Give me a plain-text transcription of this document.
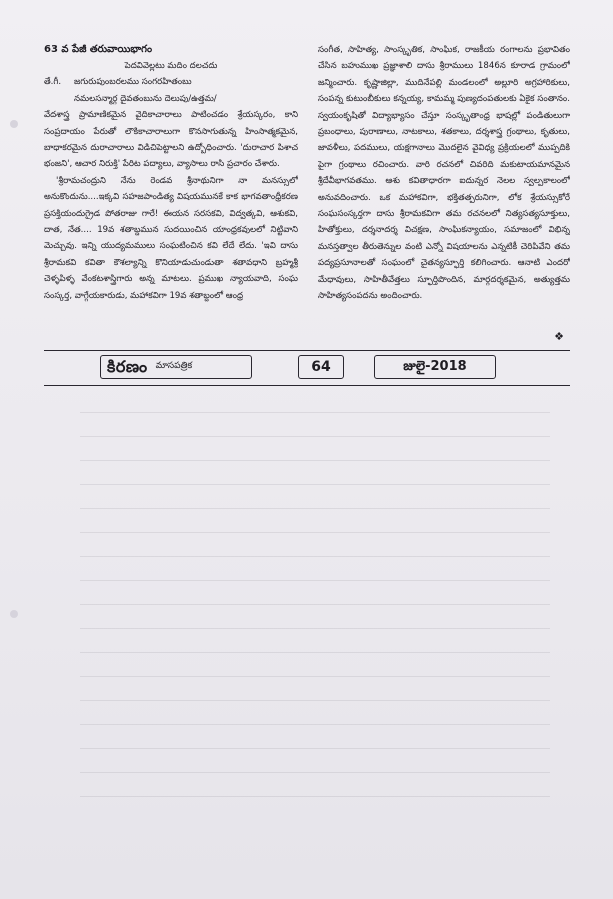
63 వ పేజీ తరువాయిభాగం

పెదవివెల్లటు మదిం దలచదు

తే.గీ.	జగురుపుంబరలము సంగరహితంబు

నమలసన్మార్గ దైవతంబును దెలుపు/ఉత్తమ/

వేదశాస్త్ర ప్రామాణికమైన వైదికాచారాలు పాటించడం శ్రేయస్కరం, కాని సంప్రదాయం పేరుతో లౌకికాచారాలుగా కొనసాగుతున్న హింసాత్మకమైన, బాధాకరమైన దురాచారాలు విడిచిపెట్టాలని ఉద్బోధించారు. 'దురాచార పిశాచ భంజని', ఆచార నిరుక్తి' పేరిట పద్యాలు, వ్యాసాలు రాసి ప్రచారం చేశారు.

'శ్రీరామచంద్రుని నేను రెండవ శ్రీనాథునిగా నా మనస్సులో అనుకొందును....ఇక్కవి సహజపాండిత్య విషయమునకే కాక భాగవతాంధ్రీకరణ ప్రసక్తియందుగ్రైడ పోతరాజు గారే! ఈయన సరసకవి, విద్వత్కవి, ఆశుకవి, దాత, నేత.... 19వ శతాబ్దమున సుదయించిన యాంధ్రకవులలో నిట్టివాని మెచ్చువు. ఇన్ని యుద్యమములు సంఘటించిన కవి లేదే లేదు. 'ఇవి దాసు శ్రీరామకవి కవితా కౌశల్యాన్ని కొనియాడుచుండుతా శతావధాని బ్రహ్మశ్రీ చెళ్ళపిళ్ళ వేంకటశాస్త్రిగారు అన్న మాటలు. ప్రముఖ న్యాయవాది, సంఘ సంస్కర్త, వాగ్గేయకారుడు, మహాకవిగా 19వ శతాబ్దంలో ఆంధ్ర

సంగీత, సాహిత్య, సాంస్కృతిక, సాంఘిక, రాజకీయ రంగాలను ప్రభావితం చేసిన బహుముఖ ప్రజ్ఞాశాలి దాసు శ్రీరాములు 1846న కూరాడ గ్రామంలో జన్మించారు. కృష్ణాజిల్లా, ముదినేపల్లి మండలంలో అల్లూరి అగ్రహారికులు, సంపన్న కుటుంబీకులు కన్నయ్య, కామమ్మ పుణ్యదంపతులకు ఏకైక సంతానం. స్వయంకృషితో విద్యాభ్యాసం చేస్తూ సంస్కృతాంధ్ర భాషల్లో పండితులుగా ప్రబంధాలు, పురాణాలు, నాటకాలు, శతకాలు, దర్శశాస్త్ర గ్రంథాలు, కృతులు, జావళీలు, పదములు, యక్షగానాలు మొదలైన వైవిధ్య ప్రక్రియలలో ముప్పదికి పైగా గ్రంథాలు రచించారు. వారి రచనలో చివరిది మకుటాయమానమైన శ్రీదేవీభాగవతము. ఆశు కవితాధారగా ఐదున్నర నెలల స్వల్పకాలంలో అనువదించారు. ఒక మహాకవిగా, భక్తితత్పరునిగా, లోక శ్రేయస్సుకోరే సంఘసంస్కర్తగా దాసు శ్రీరామకవిగా తమ రచనలలో నిత్యసత్యసూక్తులు, హితోక్తులు, దర్శనాదర్శ విచక్షణ, సాంఘికన్యాయం, సమాజంలో విభిన్న మనస్తత్వాల తీరుతెన్నుల వంటి ఎన్నో విషయాలను ఎన్నటికీ చెరిపివేని తమ పద్యప్రసూనాలతో సంఘంలో చైతన్యస్ఫూర్తి కలిగించారు. ఆనాటి ఎందరో మేధావులు, సాహితీవేత్తలు స్ఫూర్తిపొందిన, మార్గదర్శకమైన, అత్యుత్తమ సాహిత్యసంపదను అందించారు.

❖
కిరణం మాసపత్రిక	64	జులై-2018
